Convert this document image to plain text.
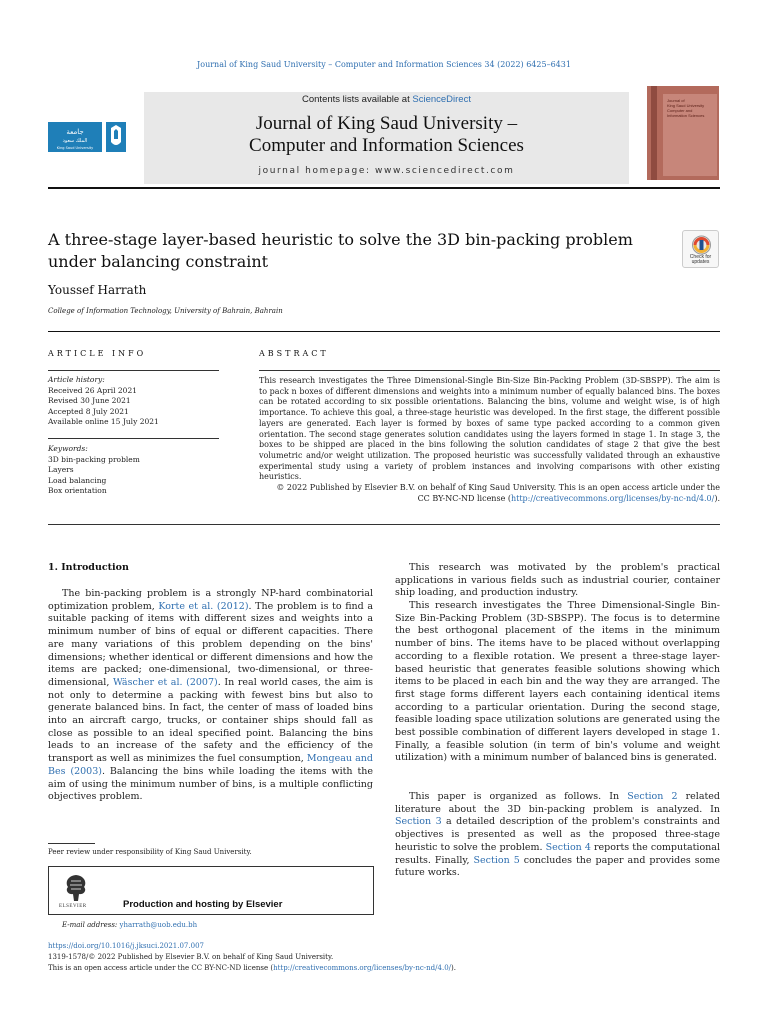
Journal of King Saud University – Computer and Information Sciences 34 (2022) 6425–6431
جامعة
الملك سعود
King Saud University
Contents lists available at ScienceDirect
Journal of King Saud University –
Computer and Information Sciences
journal homepage: www.sciencedirect.com
Journal of
King Saud University
Computer and
Information Sciences
A three-stage layer-based heuristic to solve the 3D bin-packing problem
under balancing constraint	Check for updates
Youssef Harrath
College of Information Technology, University of Bahrain, Bahrain
ARTICLE INFO
Article history:
Received 26 April 2021
Revised 30 June 2021
Accepted 8 July 2021
Available online 15 July 2021
Keywords:
3D bin-packing problem
Layers
Load balancing
Box orientation
ABSTRACT
This research investigates the Three Dimensional-Single Bin-Size Bin-Packing Problem (3D-SBSPP). The aim is to pack n boxes of different dimensions and weights into a minimum number of equally balanced bins. The boxes can be rotated according to six possible orientations. Balancing the bins, volume and weight wise, is of high importance. To achieve this goal, a three-stage heuristic was developed. In the first stage, the different possible layers are generated. Each layer is formed by boxes of same type packed according to a common given orientation. The second stage generates solution candidates using the layers formed in stage 1. In stage 3, the boxes to be shipped are placed in the bins following the solution candidates of stage 2 that give the best volumetric and/or weight utilization. The proposed heuristic was successfully validated through an exhaustive experimental study using a variety of problem instances and involving comparisons with other existing heuristics.
© 2022 Published by Elsevier B.V. on behalf of King Saud University. This is an open access article under the
CC BY-NC-ND license (http://creativecommons.org/licenses/by-nc-nd/4.0/).
1. Introduction
The bin-packing problem is a strongly NP-hard combinatorial optimization problem, Korte et al. (2012). The problem is to find a suitable packing of items with different sizes and weights into a minimum number of bins of equal or different capacities. There are many variations of this problem depending on the bins' dimensions; whether identical or different dimensions and how the items are packed; one-dimensional, two-dimensional, or three-dimensional, Wäscher et al. (2007). In real world cases, the aim is not only to determine a packing with fewest bins but also to generate balanced bins. In fact, the center of mass of loaded bins into an aircraft cargo, trucks, or container ships should fall as close as possible to an ideal specified point. Balancing the bins leads to an increase of the safety and the efficiency of the transport as well as minimizes the fuel consumption, Mongeau and Bes (2003). Balancing the bins while loading the items with the aim of using the minimum number of bins, is a multiple conflicting objectives problem.
This research was motivated by the problem's practical applications in various fields such as industrial courier, container ship loading, and production industry.
This research investigates the Three Dimensional-Single Bin-Size Bin-Packing Problem (3D-SBSPP). The focus is to determine the best orthogonal placement of the items in the minimum number of bins. The items have to be placed without overlapping according to a flexible rotation. We present a three-stage layer-based heuristic that generates feasible solutions showing which items to be placed in each bin and the way they are arranged. The first stage forms different layers each containing identical items according to a particular orientation. During the second stage, feasible loading space utilization solutions are generated using the best possible combination of different layers developed in stage 1. Finally, a feasible solution (in term of bin's volume and weight utilization) with a minimum number of balanced bins is generated.
This paper is organized as follows. In Section 2 related literature about the 3D bin-packing problem is analyzed. In Section 3 a detailed description of the problem's constraints and objectives is presented as well as the proposed three-stage heuristic to solve the problem. Section 4 reports the computational results. Finally, Section 5 concludes the paper and provides some future works.
Peer review under responsibility of King Saud University.
ELSEVIER	Production and hosting by Elsevier
E-mail address: yharrath@uob.edu.bh
https://doi.org/10.1016/j.jksuci.2021.07.007
1319-1578/© 2022 Published by Elsevier B.V. on behalf of King Saud University.
This is an open access article under the CC BY-NC-ND license (http://creativecommons.org/licenses/by-nc-nd/4.0/).
